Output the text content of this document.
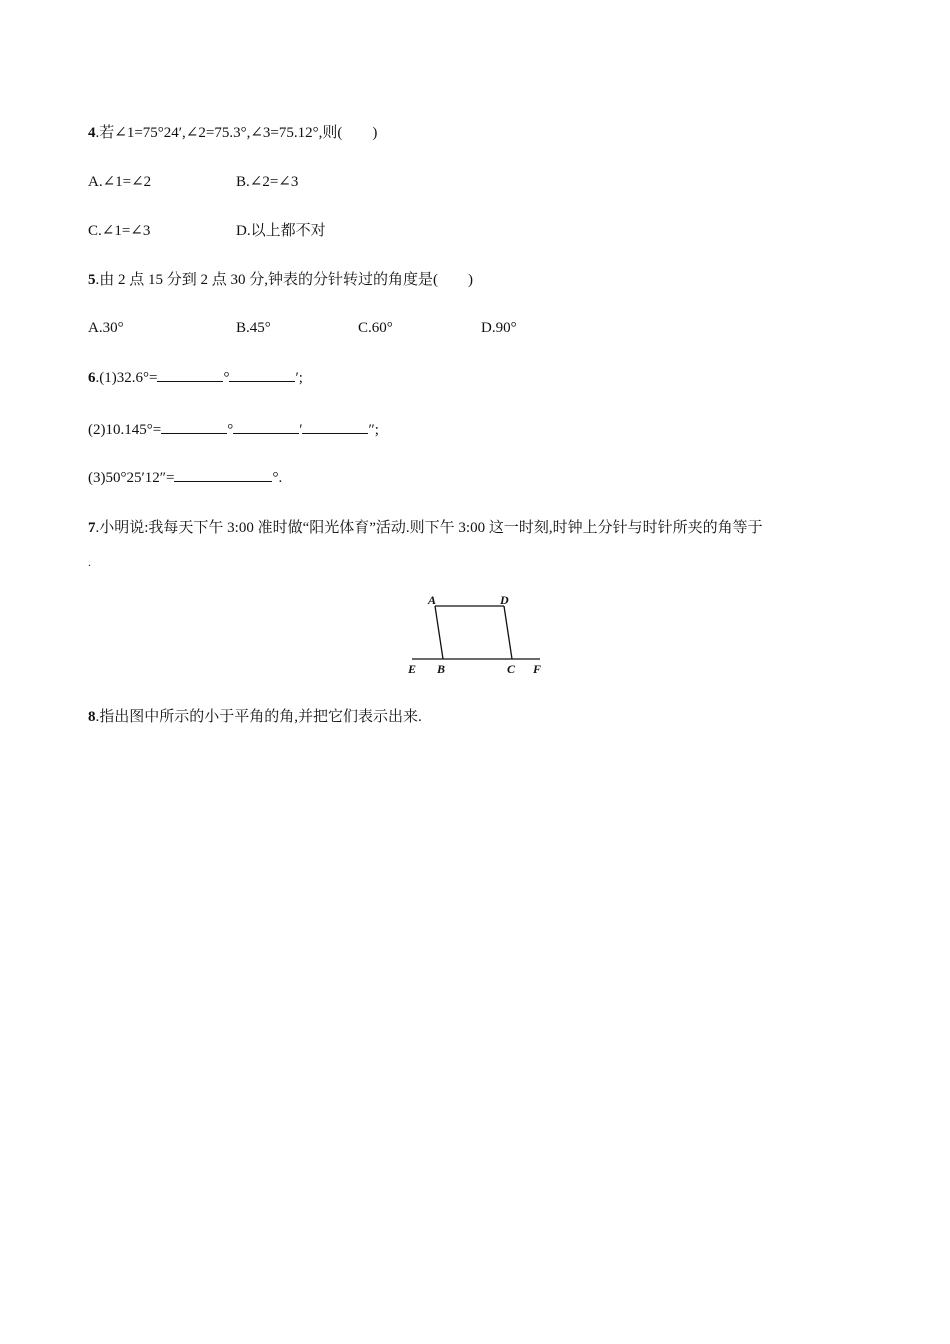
4.若∠1=75°24′,∠2=75.3°,∠3=75.12°,则(　　)
A.∠1=∠2	B.∠2=∠3
C.∠1=∠3	D.以上都不对
5.由 2 点 15 分到 2 点 30 分,钟表的分针转过的角度是(　　)
A.30°	B.45°	C.60°	D.90°
6.(1)32.6°=	°	′;
(2)10.145°=	°	′	″;
(3)50°25′12″=	°.
7.小明说:我每天下午 3:00 准时做“阳光体育”活动.则下午 3:00 这一时刻,时钟上分针与时针所夹的角等于
.
A	D
E B	C F
8.指出图中所示的小于平角的角,并把它们表示出来.
